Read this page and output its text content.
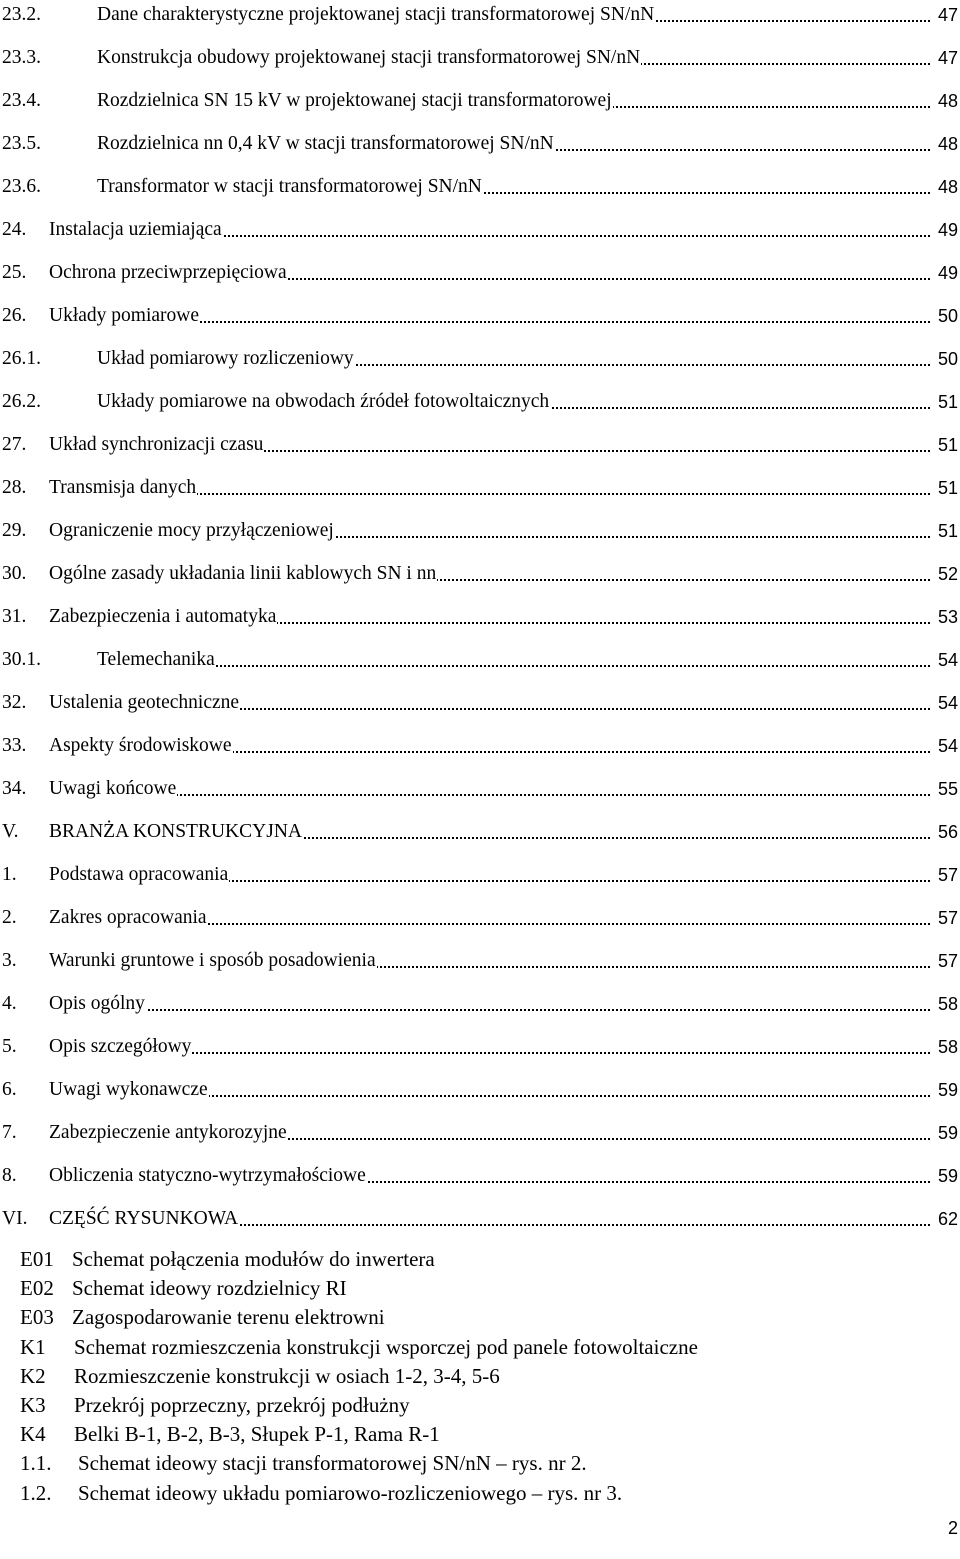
23.2.	Dane charakterystyczne projektowanej stacji transformatorowej SN/nN	47
23.3.	Konstrukcja obudowy projektowanej stacji transformatorowej SN/nN	47
23.4.	Rozdzielnica SN 15 kV w projektowanej stacji transformatorowej	48
23.5.	Rozdzielnica nn 0,4 kV w stacji transformatorowej SN/nN	48
23.6.	Transformator w stacji transformatorowej SN/nN	48
24. Instalacja uziemiająca	49
25. Ochrona przeciwprzepięciowa	49
26. Układy pomiarowe	50
26.1.	Układ pomiarowy rozliczeniowy	50
26.2.	Układy pomiarowe na obwodach źródeł fotowoltaicznych	51
27. Układ synchronizacji czasu	51
28. Transmisja danych	51
29. Ograniczenie mocy przyłączeniowej	51
30. Ogólne zasady układania linii kablowych SN i nn	52
31. Zabezpieczenia i automatyka	53
30.1.	Telemechanika	54
32. Ustalenia geotechniczne	54
33. Aspekty środowiskowe	54
34. Uwagi końcowe	55
V. BRANŻA KONSTRUKCYJNA	56
1. Podstawa opracowania	57
2. Zakres opracowania	57
3. Warunki gruntowe i sposób posadowienia	57
4. Opis ogólny	58
5. Opis szczegółowy	58
6. Uwagi wykonawcze	59
7. Zabezpieczenie antykorozyjne	59
8. Obliczenia statyczno-wytrzymałościowe	59
VI. CZĘŚĆ RYSUNKOWA	62
E01 Schemat połączenia modułów do inwertera
E02 Schemat ideowy rozdzielnicy RI
E03 Zagospodarowanie terenu elektrowni
K1 Schemat rozmieszczenia konstrukcji wsporczej pod panele fotowoltaiczne
K2 Rozmieszczenie konstrukcji w osiach 1-2, 3-4, 5-6
K3 Przekrój poprzeczny, przekrój podłużny
K4 Belki B-1, B-2, B-3, Słupek P-1, Rama R-1
1.1. Schemat ideowy stacji transformatorowej SN/nN – rys. nr 2.
1.2. Schemat ideowy układu pomiarowo-rozliczeniowego – rys. nr 3.
2
